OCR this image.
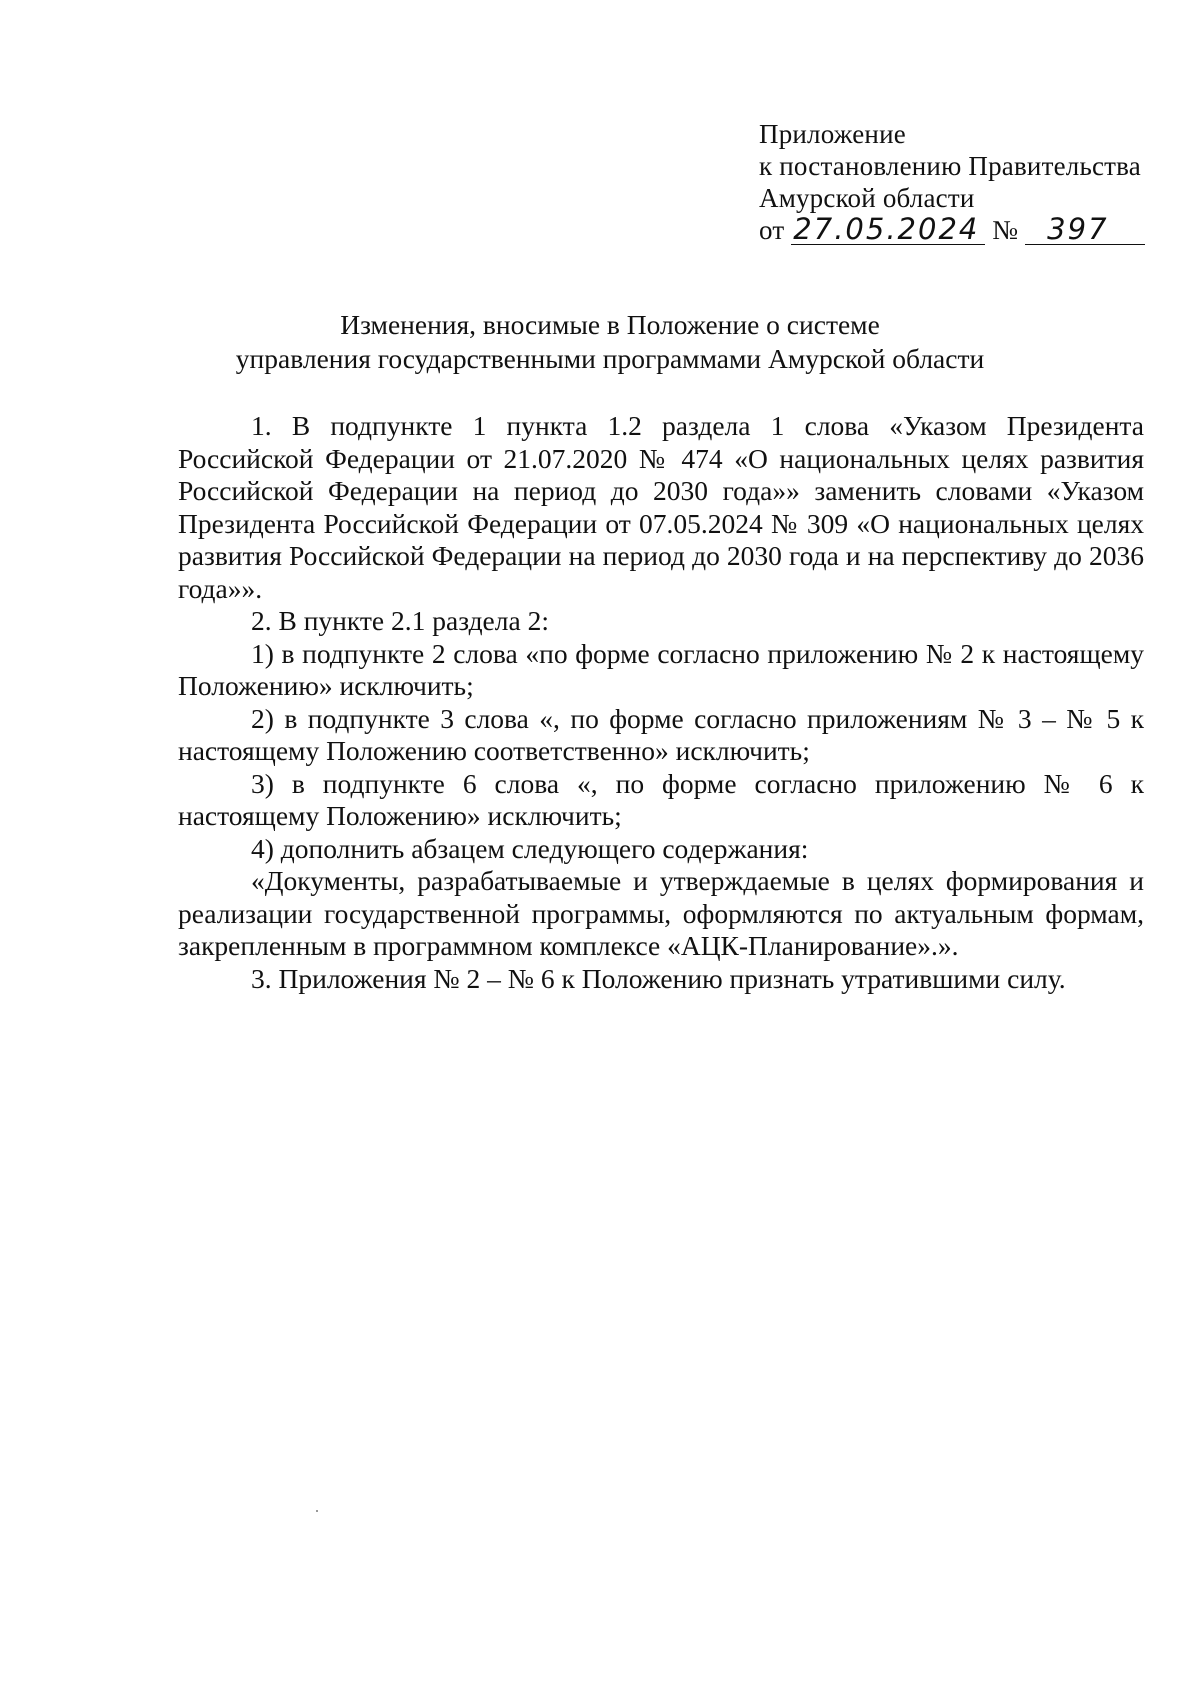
Приложение
к постановлению Правительства
Амурской области
от 27.05.2024 № 397
Изменения, вносимые в Положение о системе
управления государственными программами Амурской области

1. В подпункте 1 пункта 1.2 раздела 1 слова «Указом Президента Российской Федерации от 21.07.2020 № 474 «О национальных целях развития Российской Федерации на период до 2030 года»» заменить словами «Указом Президента Российской Федерации от 07.05.2024 № 309 «О национальных целях развития Российской Федерации на период до 2030 года и на перспективу до 2036 года»».

2. В пункте 2.1 раздела 2:

1) в подпункте 2 слова «по форме согласно приложению № 2 к настоящему Положению» исключить;

2) в подпункте 3 слова «, по форме согласно приложениям № 3 – № 5 к настоящему Положению соответственно» исключить;

3) в подпункте 6 слова «, по форме согласно приложению № 6 к настоящему Положению» исключить;

4) дополнить абзацем следующего содержания:

«Документы, разрабатываемые и утверждаемые в целях формирования и реализации государственной программы, оформляются по актуальным формам, закрепленным в программном комплексе «АЦК-Планирование».».

3. Приложения № 2 – № 6 к Положению признать утратившими силу.
